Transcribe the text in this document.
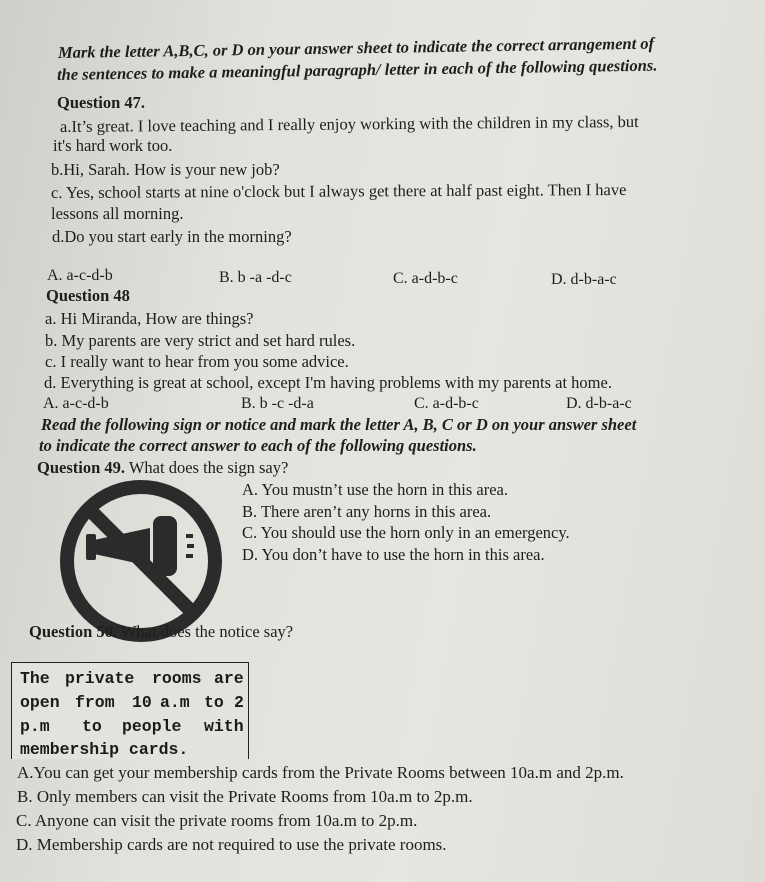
Mark the letter A,B,C, or D on your answer sheet to indicate the correct arrangement of
the sentences to make a meaningful paragraph/ letter in each of the following questions.
Question 47.
a.It’s great. I love teaching and I really enjoy working with the children in my class, but
it's hard work too.
b.Hi, Sarah. How is your new job?
c. Yes, school starts at nine o'clock but I always get there at half past eight. Then I have
lessons all morning.
d.Do you start early in the morning?
A. a-c-d-b	B. b -a -d-c	C. a-d-b-c	D. d-b-a-c
Question 48
a. Hi Miranda, How are things?
b. My parents are very strict and set hard rules.
c. I really want to hear from you some advice.
d. Everything is great at school, except I'm having problems with my parents at home.
A. a-c-d-b	B. b -c -d-a	C. a-d-b-c	D. d-b-a-c
Read the following sign or notice and mark the letter A, B, C or D on your answer sheet
to indicate the correct answer to each of the following questions.
Question 49. What does the sign say?
A. You mustn’t use the horn in this area.
B. There aren’t any horns in this area.
C. You should use the horn only in an emergency.
D. You don’t have to use the horn in this area.
Question 50. What does the notice say?
The private rooms are
open from 10 a.m to 2
p.m to people with
membership cards.
A.You can get your membership cards from the Private Rooms between 10a.m and 2p.m.
B. Only members can visit the Private Rooms from 10a.m to 2p.m.
C. Anyone can visit the private rooms from 10a.m to 2p.m.
D. Membership cards are not required to use the private rooms.
